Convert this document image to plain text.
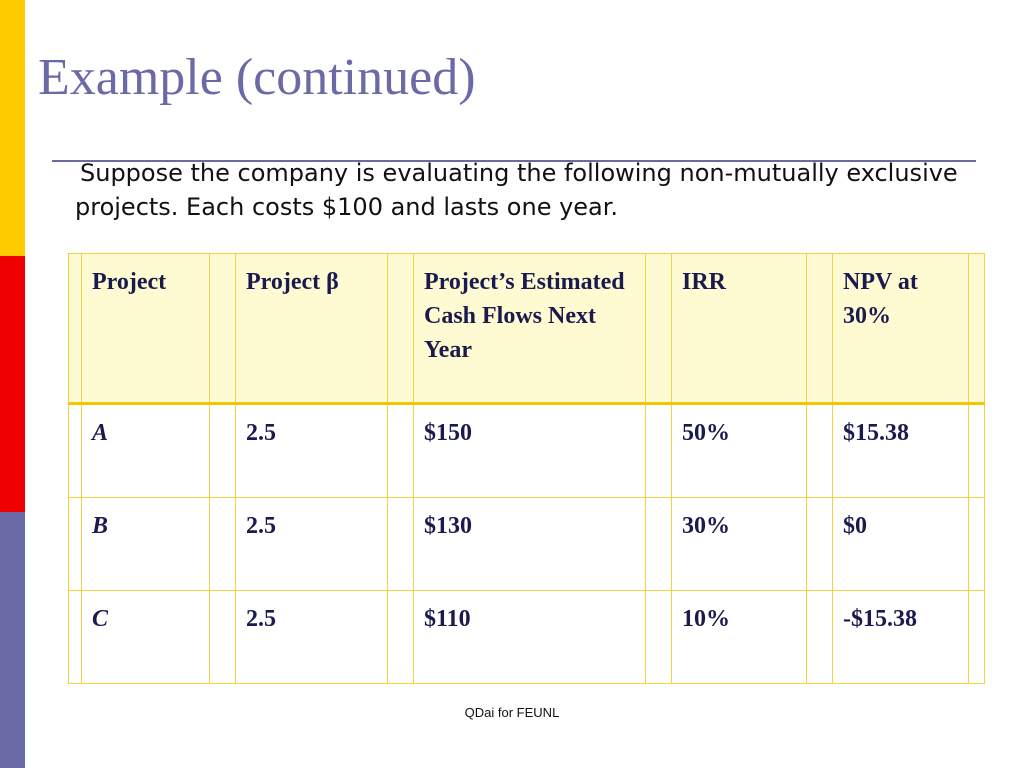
Example (continued)

Suppose the company is evaluating the following non-mutually exclusive projects. Each costs $100 and lasts one year.

	Project		Project β		Project’s Estimated Cash Flows Next Year		IRR		NPV at 30%	

	A		2.5		$150		50%		$15.38	

	B		2.5		$130		30%		$0	

	C		2.5		$110		10%		-$15.38	

QDai for FEUNL
